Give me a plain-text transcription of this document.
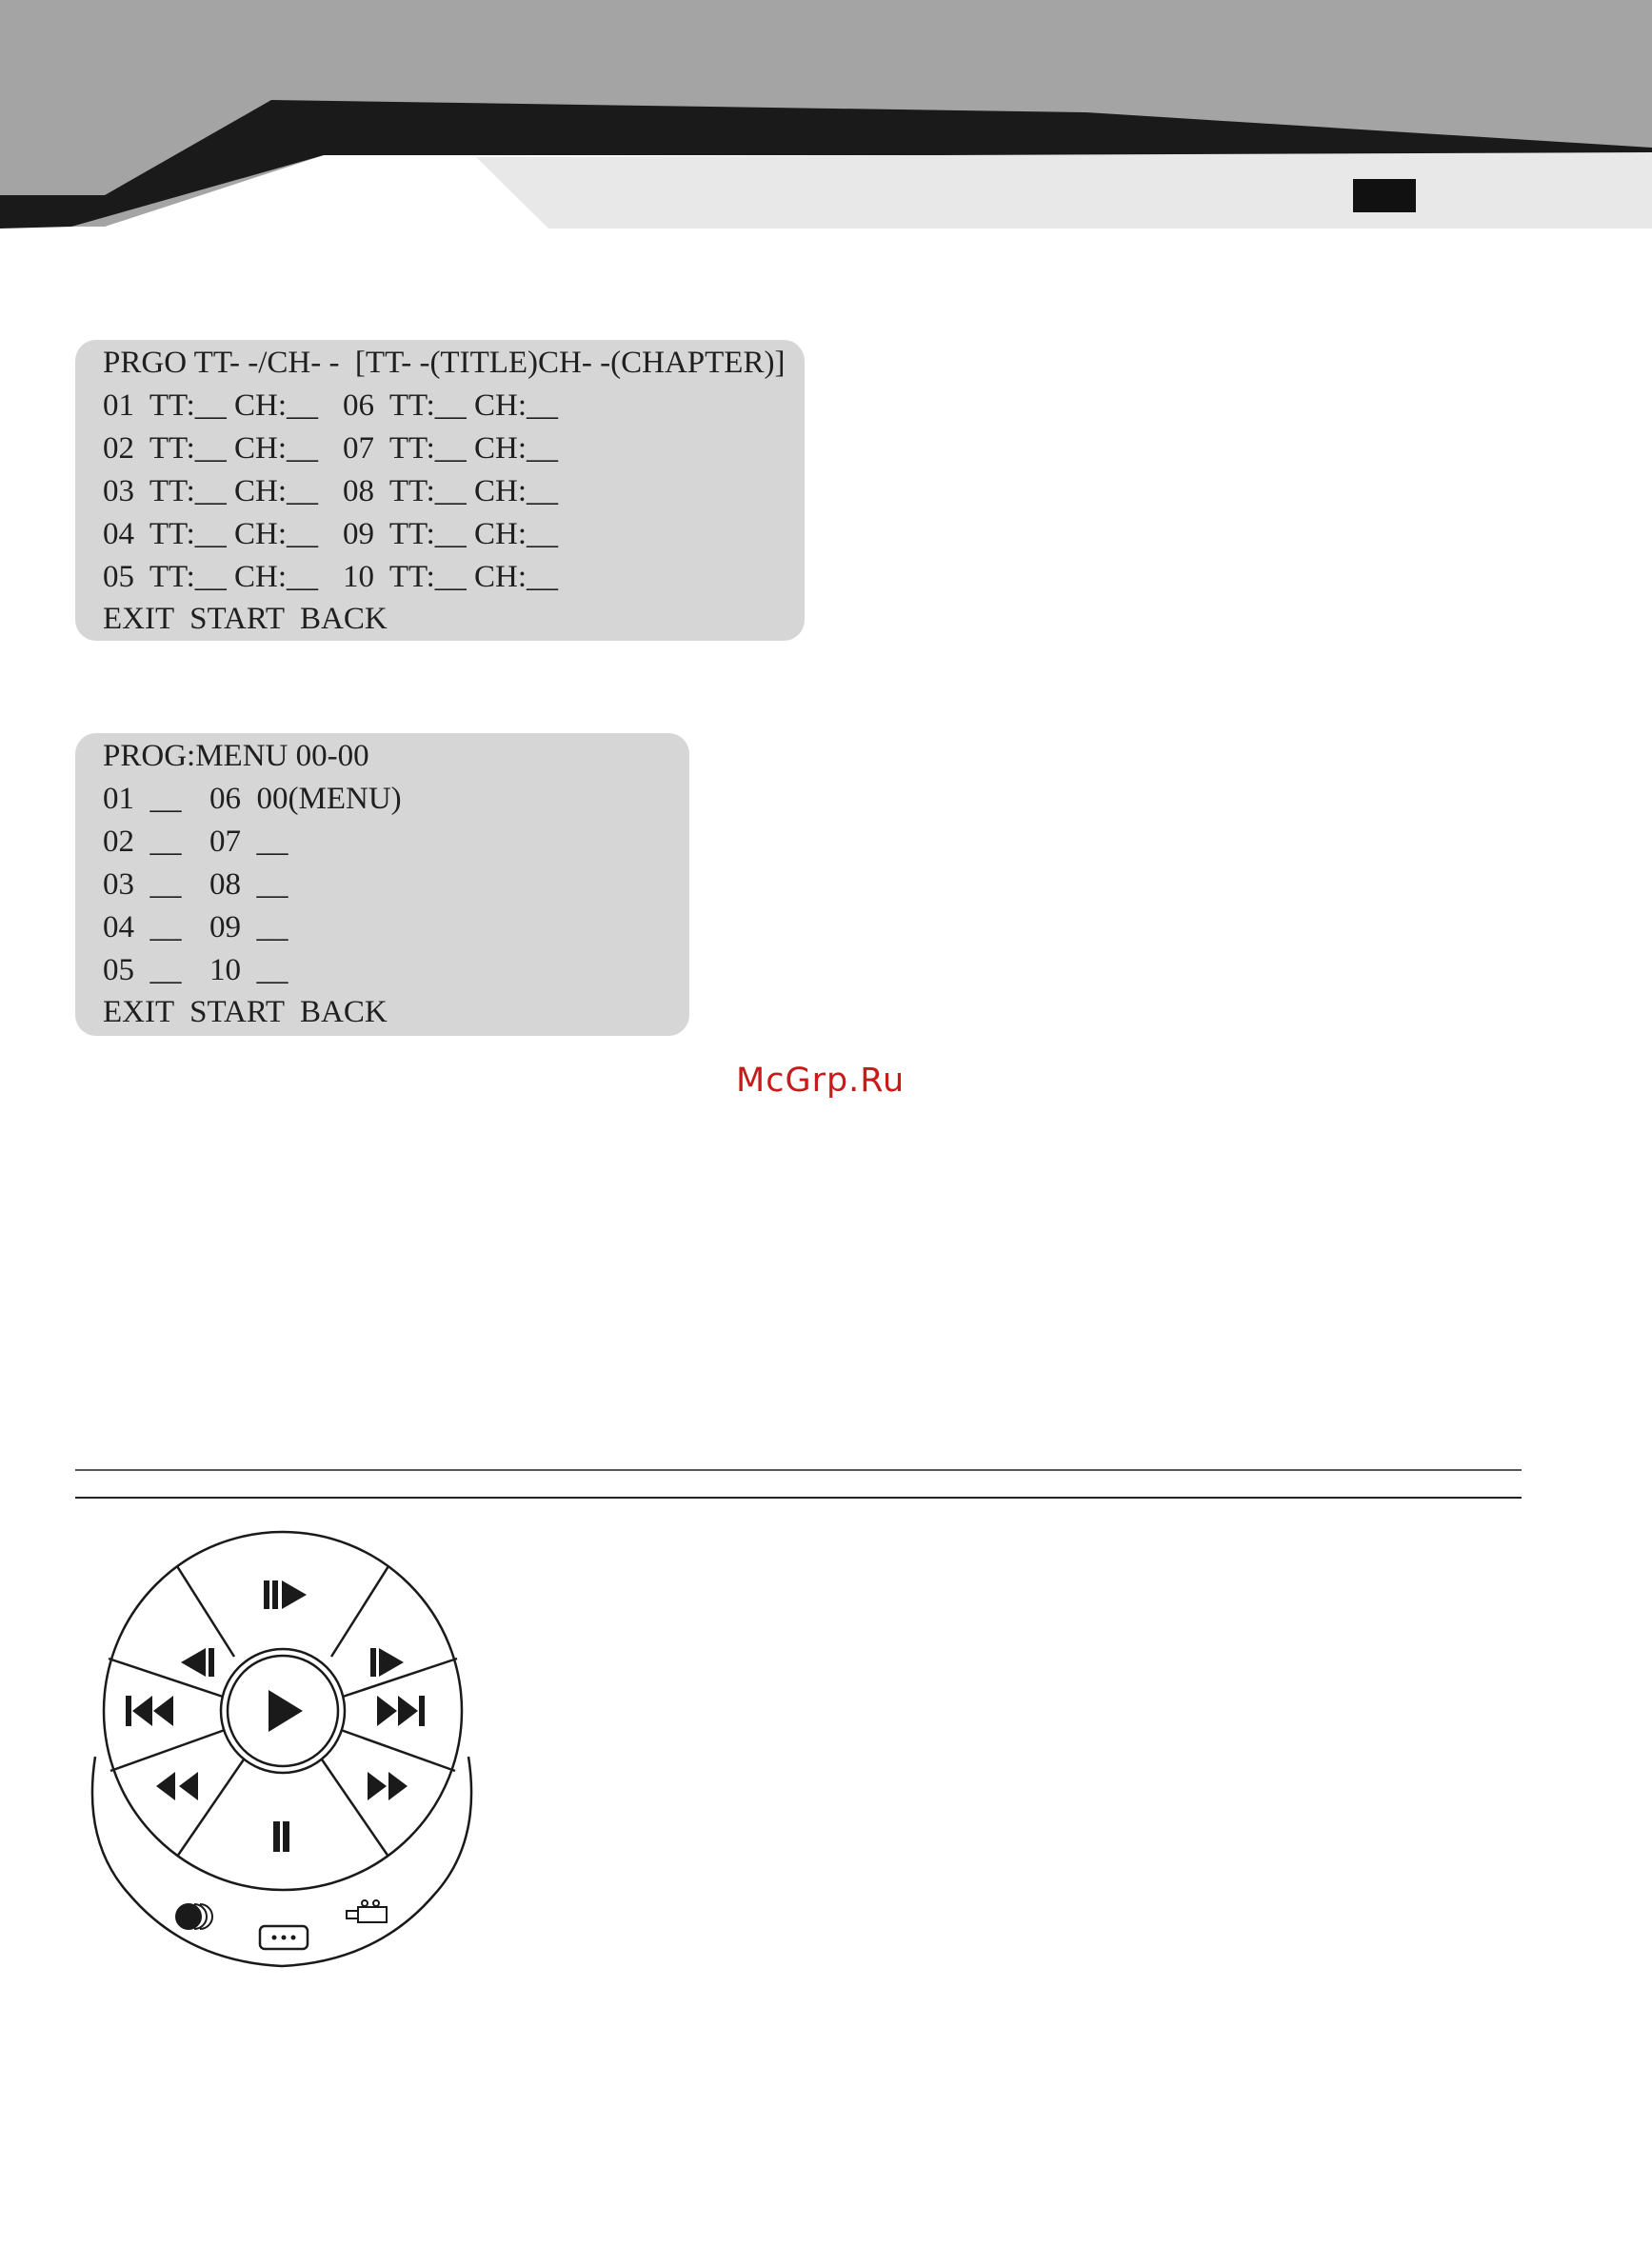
PRGO TT- -/CH- -  [TT- -(TITLE)CH- -(CHAPTER)]
01  TT:__ CH:__ 06  TT:__ CH:__
02  TT:__ CH:__ 07  TT:__ CH:__
03  TT:__ CH:__ 08  TT:__ CH:__
04  TT:__ CH:__ 09  TT:__ CH:__
05  TT:__ CH:__ 10  TT:__ CH:__
EXIT START BACK
PROG:MENU 00-00
01  __ 06  00(MENU)
02  __ 07  __
03  __ 08  __
04  __ 09  __
05  __ 10  __
EXIT START BACK
McGrp.Ru
